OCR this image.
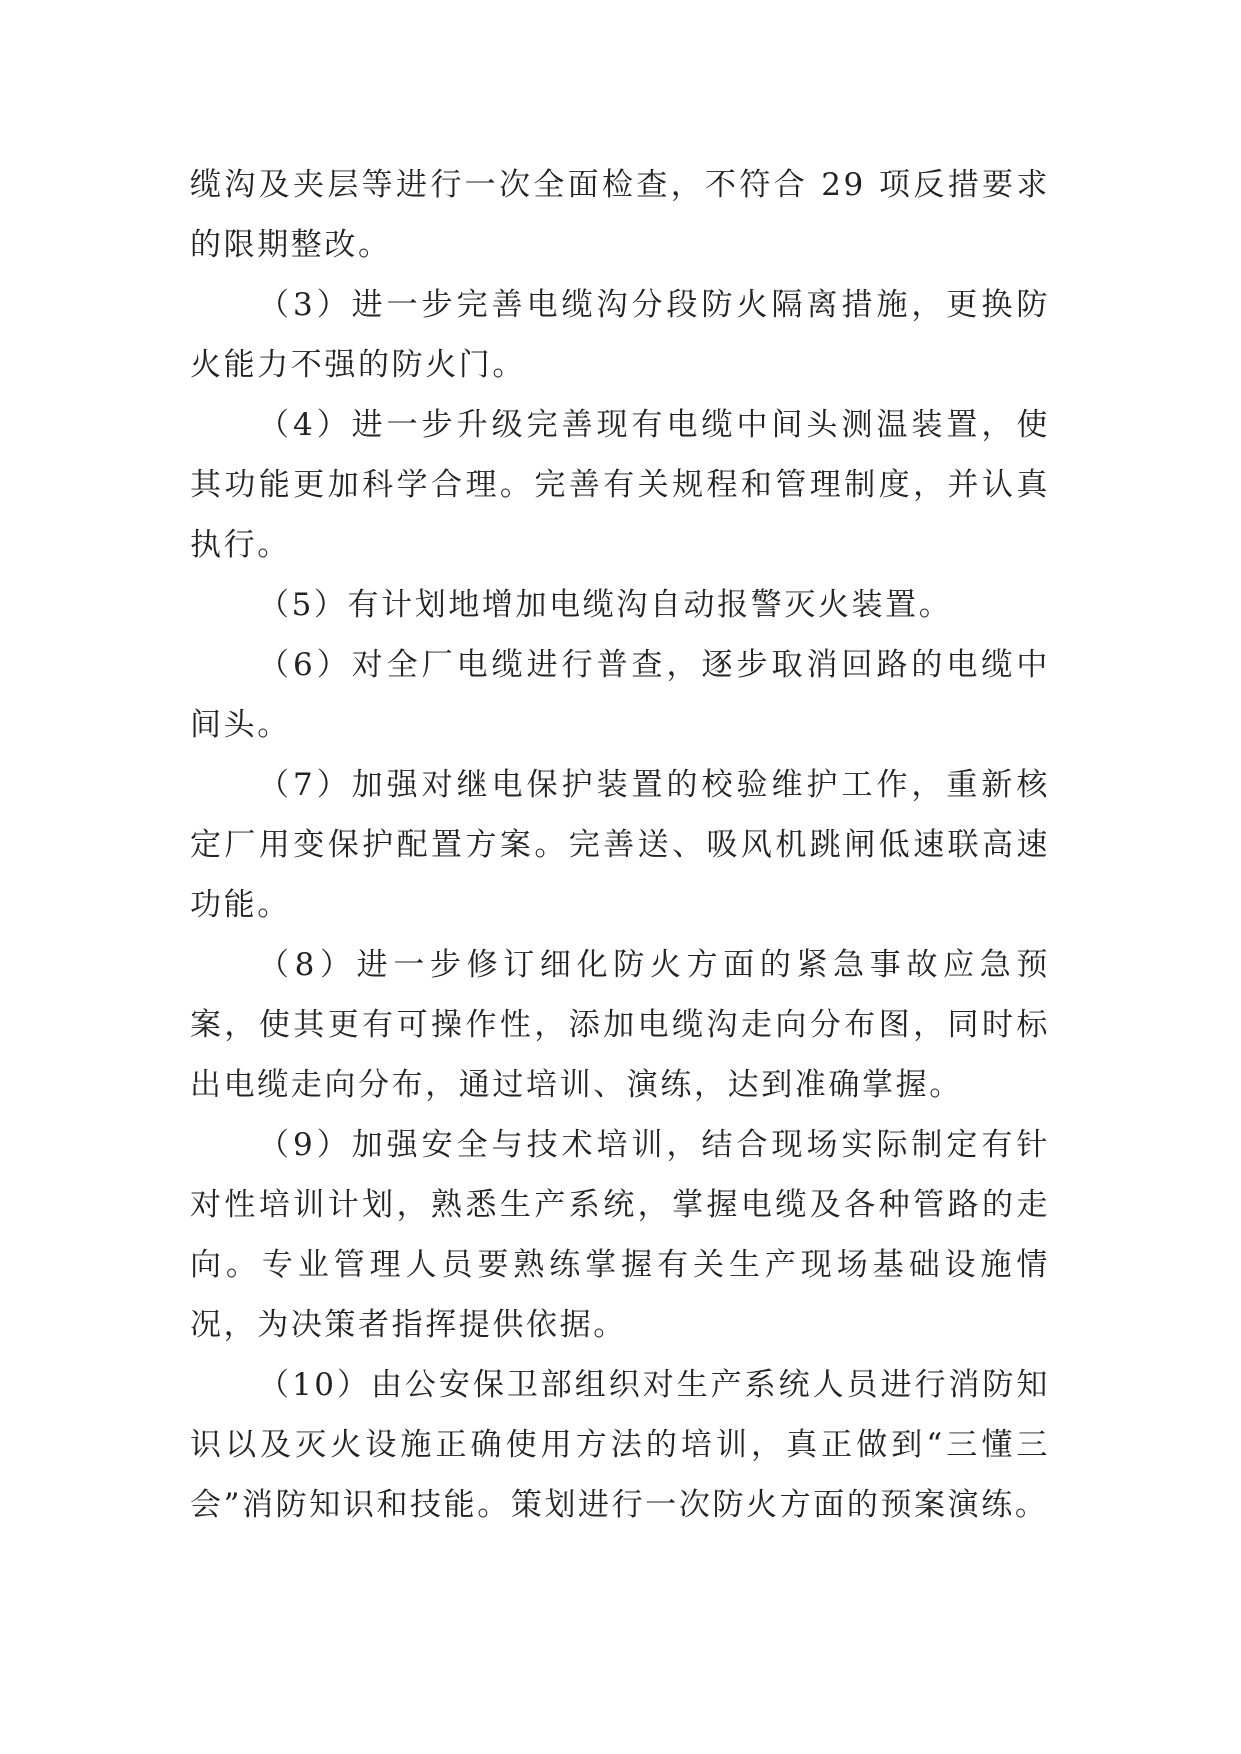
缆沟及夹层等进行一次全面检查，不符合 29 项反措要求的限期整改。

（3）进一步完善电缆沟分段防火隔离措施，更换防火能力不强的防火门。

（4）进一步升级完善现有电缆中间头测温装置，使其功能更加科学合理。完善有关规程和管理制度，并认真执行。

（5）有计划地增加电缆沟自动报警灭火装置。

（6）对全厂电缆进行普查，逐步取消回路的电缆中间头。

（7）加强对继电保护装置的校验维护工作，重新核定厂用变保护配置方案。完善送、吸风机跳闸低速联高速功能。

（8）进一步修订细化防火方面的紧急事故应急预案，使其更有可操作性，添加电缆沟走向分布图，同时标出电缆走向分布，通过培训、演练，达到准确掌握。

（9）加强安全与技术培训，结合现场实际制定有针对性培训计划，熟悉生产系统，掌握电缆及各种管路的走向。专业管理人员要熟练掌握有关生产现场基础设施情况，为决策者指挥提供依据。

（10）由公安保卫部组织对生产系统人员进行消防知识以及灭火设施正确使用方法的培训，真正做到“三懂三会”消防知识和技能。策划进行一次防火方面的预案演练。
